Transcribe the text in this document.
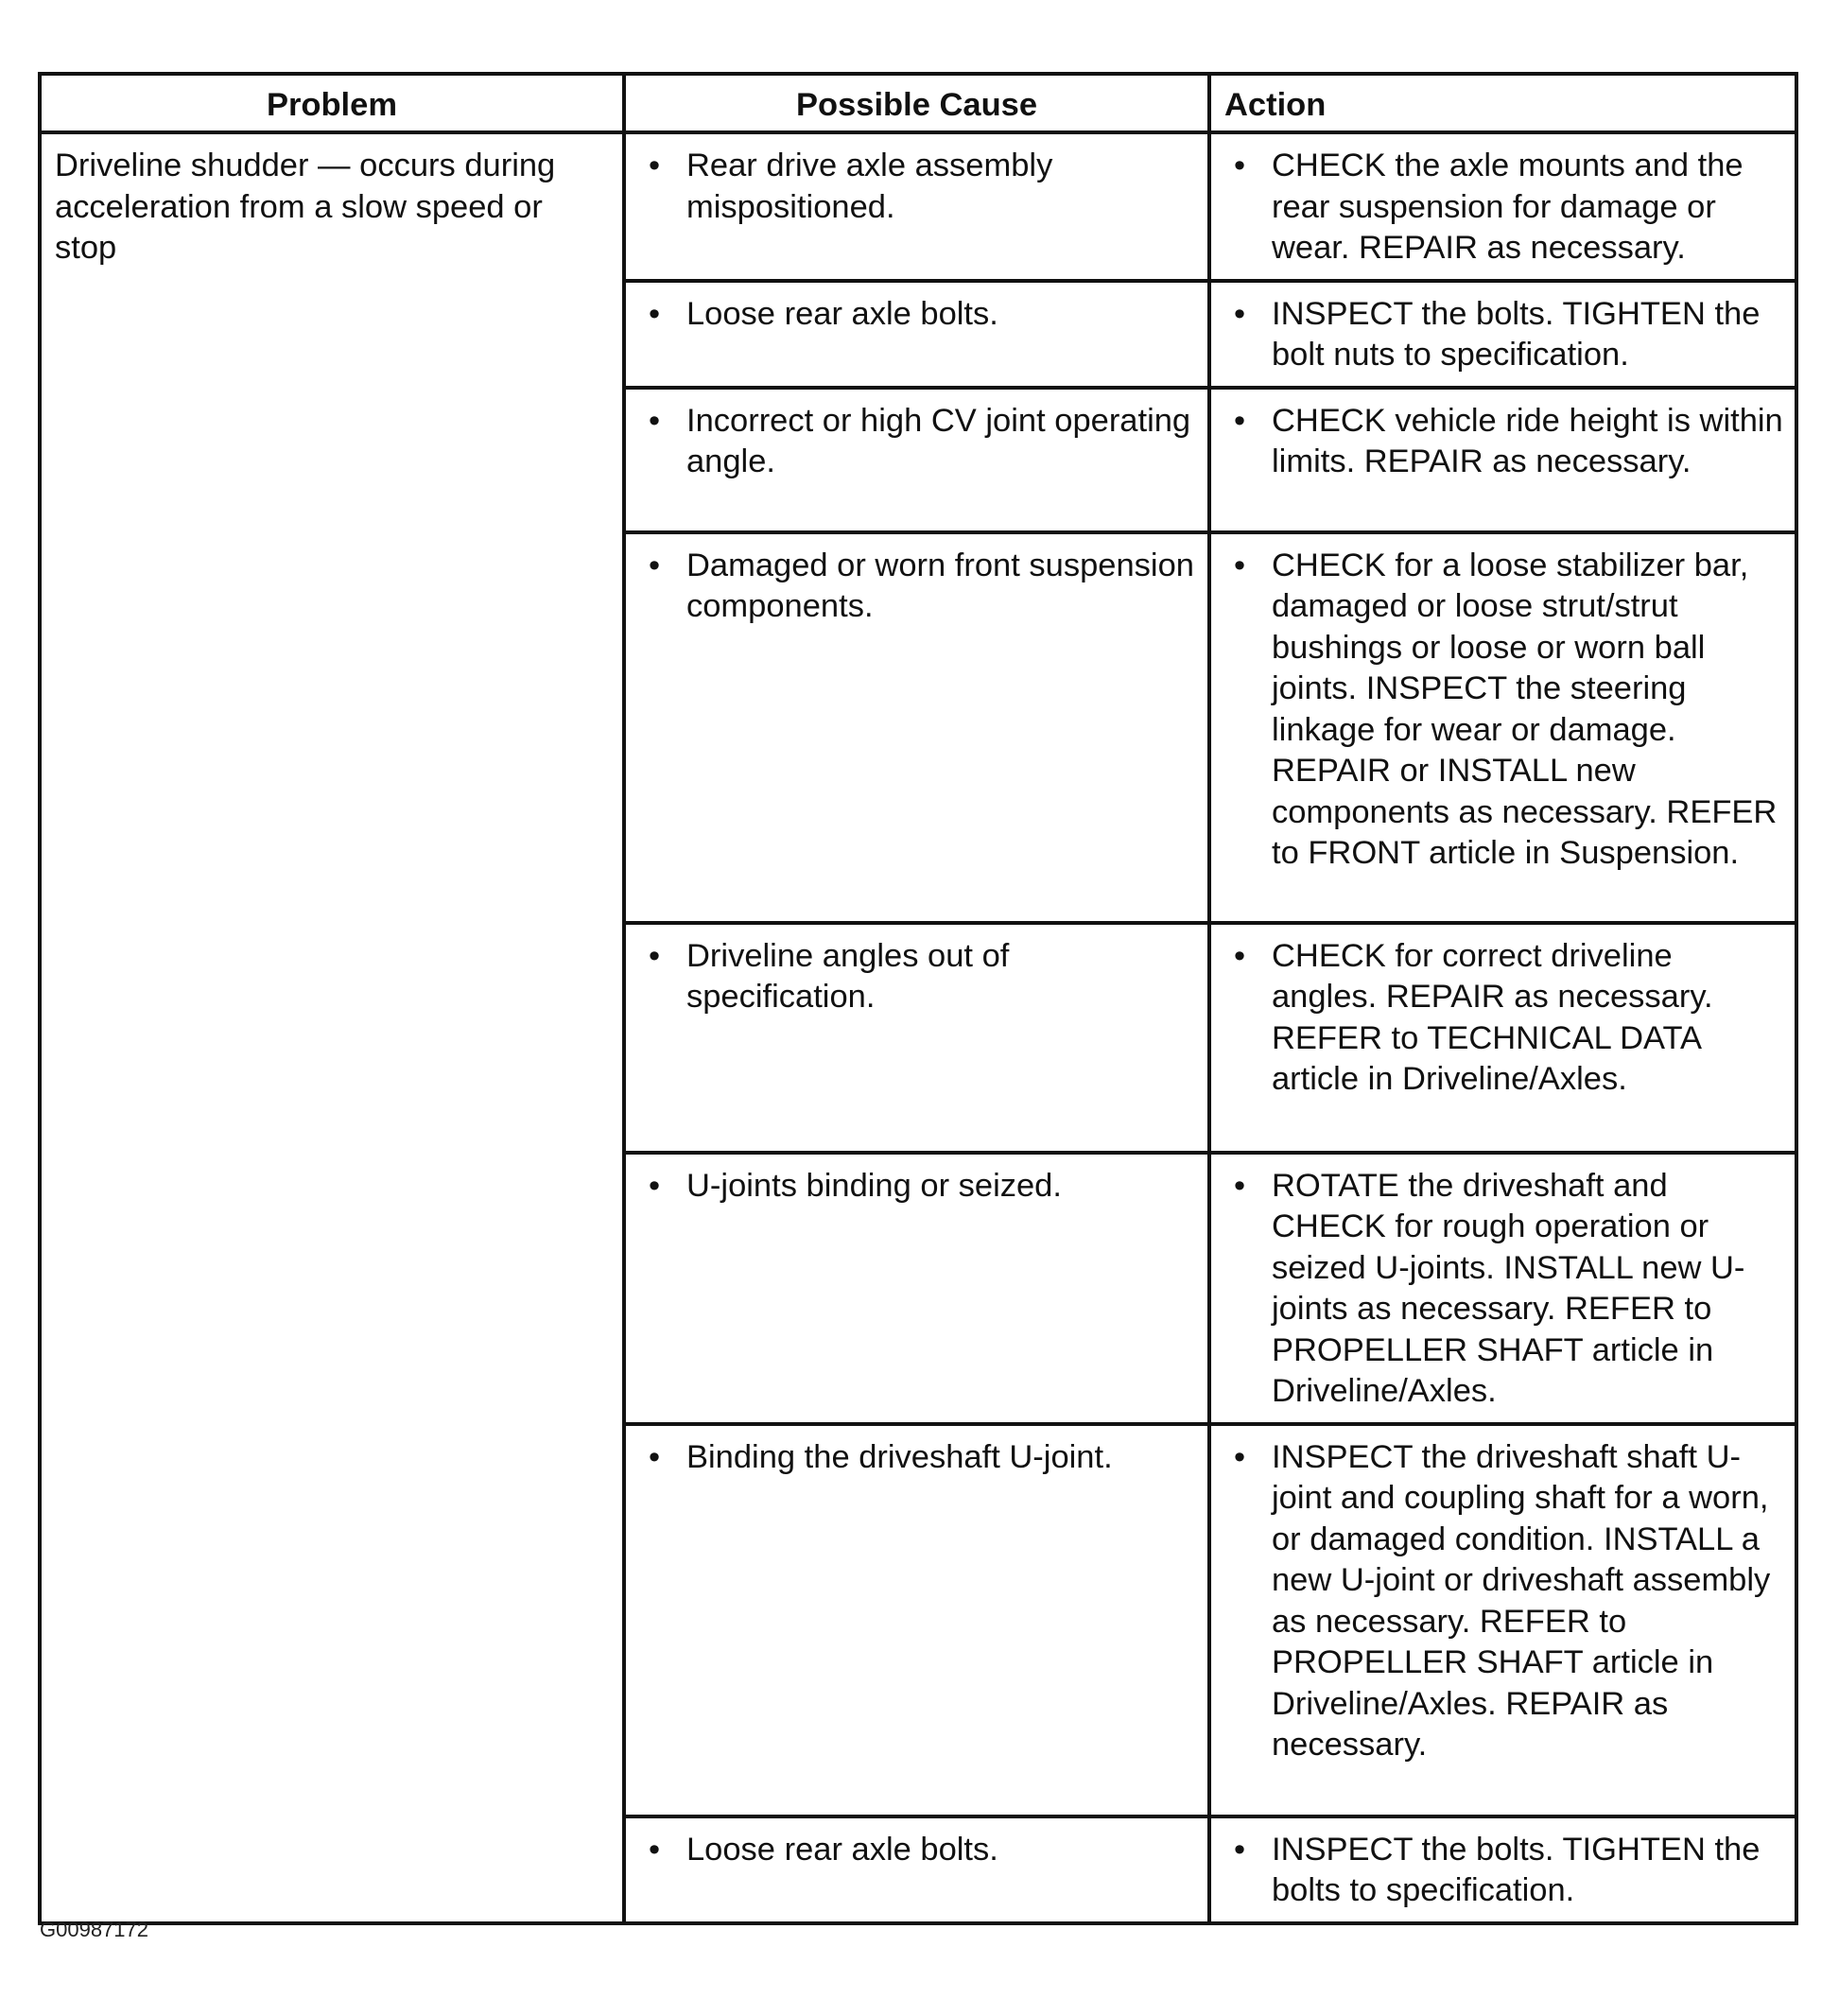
Problem	Possible Cause	Action
Driveline shudder — occurs during acceleration from a slow speed or stop	• Rear drive axle assembly mispositioned.	• CHECK the axle mounts and the rear suspension for damage or wear. REPAIR as necessary.

	• Loose rear axle bolts.	• INSPECT the bolts. TIGHTEN the bolt nuts to specification.

	• Incorrect or high CV joint operating angle.	• CHECK vehicle ride height is within limits. REPAIR as necessary.

	• Damaged or worn front suspension components.	• CHECK for a loose stabilizer bar, damaged or loose strut/strut bushings or loose or worn ball joints. INSPECT the steering linkage for wear or damage. REPAIR or INSTALL new components as necessary. REFER to FRONT article in Suspension.

	• Driveline angles out of specification.	• CHECK for correct driveline angles. REPAIR as necessary. REFER to TECHNICAL DATA article in Driveline/Axles.

	• U-joints binding or seized.	• ROTATE the driveshaft and CHECK for rough operation or seized U-joints. INSTALL new U-joints as necessary. REFER to PROPELLER SHAFT article in Driveline/Axles.

	• Binding the driveshaft U-joint.	• INSPECT the driveshaft shaft U-joint and coupling shaft for a worn, or damaged condition. INSTALL a new U-joint or driveshaft assembly as necessary. REFER to PROPELLER SHAFT article in Driveline/Axles. REPAIR as necessary.

	• Loose rear axle bolts.	• INSPECT the bolts. TIGHTEN the bolts to specification.
G00987172
